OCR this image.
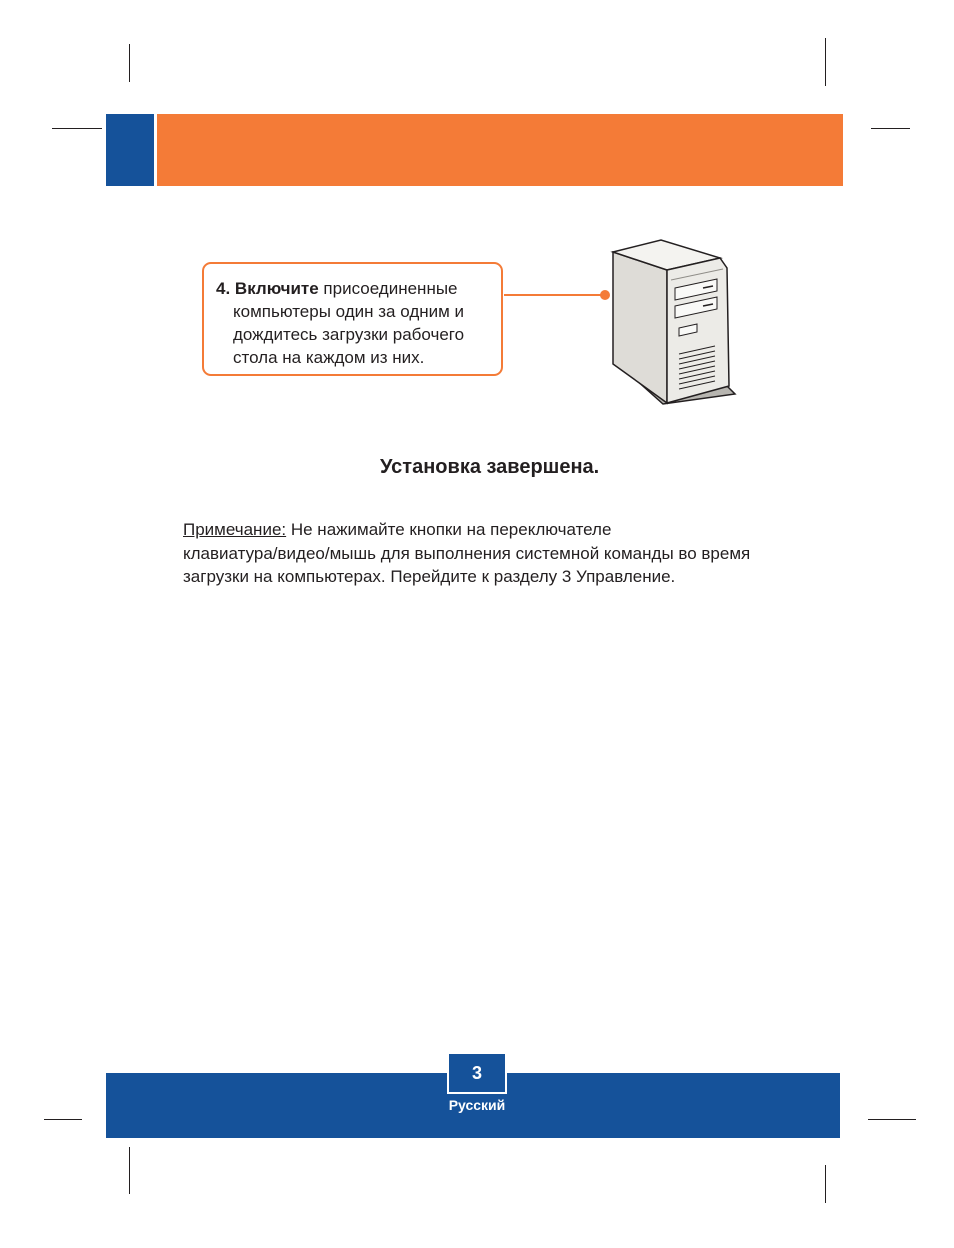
4. Включите присоединенные
компьютеры один за одним и
дождитесь загрузки рабочего
стола на каждом из них.
Установка завершена.
Примечание: Не нажимайте кнопки на переключателе
клавиатура/видео/мышь для выполнения системной команды во время
загрузки на компьютерах. Перейдите к разделу 3 Управление.
3
Русский
